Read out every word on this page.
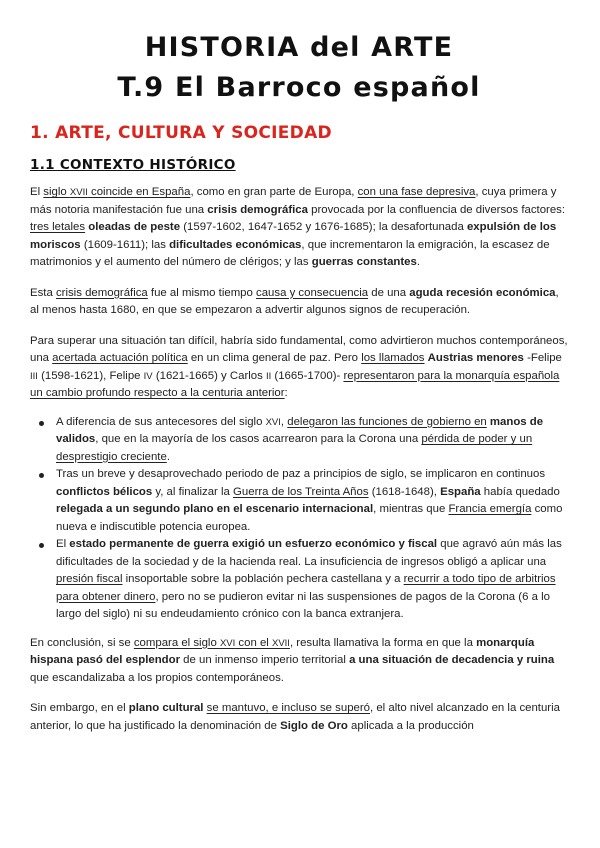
HISTORIA del ARTE
T.9 El Barroco español
1. ARTE, CULTURA Y SOCIEDAD
1.1 CONTEXTO HISTÓRICO

El siglo XVII coincide en España, como en gran parte de Europa, con una fase depresiva, cuya primera y más notoria manifestación fue una crisis demográfica provocada por la confluencia de diversos factores: tres letales oleadas de peste (1597-1602, 1647-1652 y 1676-1685); la desafortunada expulsión de los moriscos (1609-1611); las dificultades económicas, que incrementaron la emigración, la escasez de matrimonios y el aumento del número de clérigos; y las guerras constantes.

Esta crisis demográfica fue al mismo tiempo causa y consecuencia de una aguda recesión económica, al menos hasta 1680, en que se empezaron a advertir algunos signos de recuperación.

Para superar una situación tan difícil, habría sido fundamental, como advirtieron muchos contemporáneos, una acertada actuación política en un clima general de paz. Pero los llamados Austrias menores -Felipe III (1598-1621), Felipe IV (1621-1665) y Carlos II (1665-1700)- representaron para la monarquía española un cambio profundo respecto a la centuria anterior:

A diferencia de sus antecesores del siglo XVI, delegaron las funciones de gobierno en manos de validos, que en la mayoría de los casos acarrearon para la Corona una pérdida de poder y un desprestigio creciente.
Tras un breve y desaprovechado periodo de paz a principios de siglo, se implicaron en continuos conflictos bélicos y, al finalizar la Guerra de los Treinta Años (1618-1648), España había quedado relegada a un segundo plano en el escenario internacional, mientras que Francia emergía como nueva e indiscutible potencia europea.
El estado permanente de guerra exigió un esfuerzo económico y fiscal que agravó aún más las dificultades de la sociedad y de la hacienda real. La insuficiencia de ingresos obligó a aplicar una presión fiscal insoportable sobre la población pechera castellana y a recurrir a todo tipo de arbitrios para obtener dinero, pero no se pudieron evitar ni las suspensiones de pagos de la Corona (6 a lo largo del siglo) ni su endeudamiento crónico con la banca extranjera.

En conclusión, si se compara el siglo XVI con el XVII, resulta llamativa la forma en que la monarquía hispana pasó del esplendor de un inmenso imperio territorial a una situación de decadencia y ruina que escandalizaba a los propios contemporáneos.

Sin embargo, en el plano cultural se mantuvo, e incluso se superó, el alto nivel alcanzado en la centuria anterior, lo que ha justificado la denominación de Siglo de Oro aplicada a la producción
